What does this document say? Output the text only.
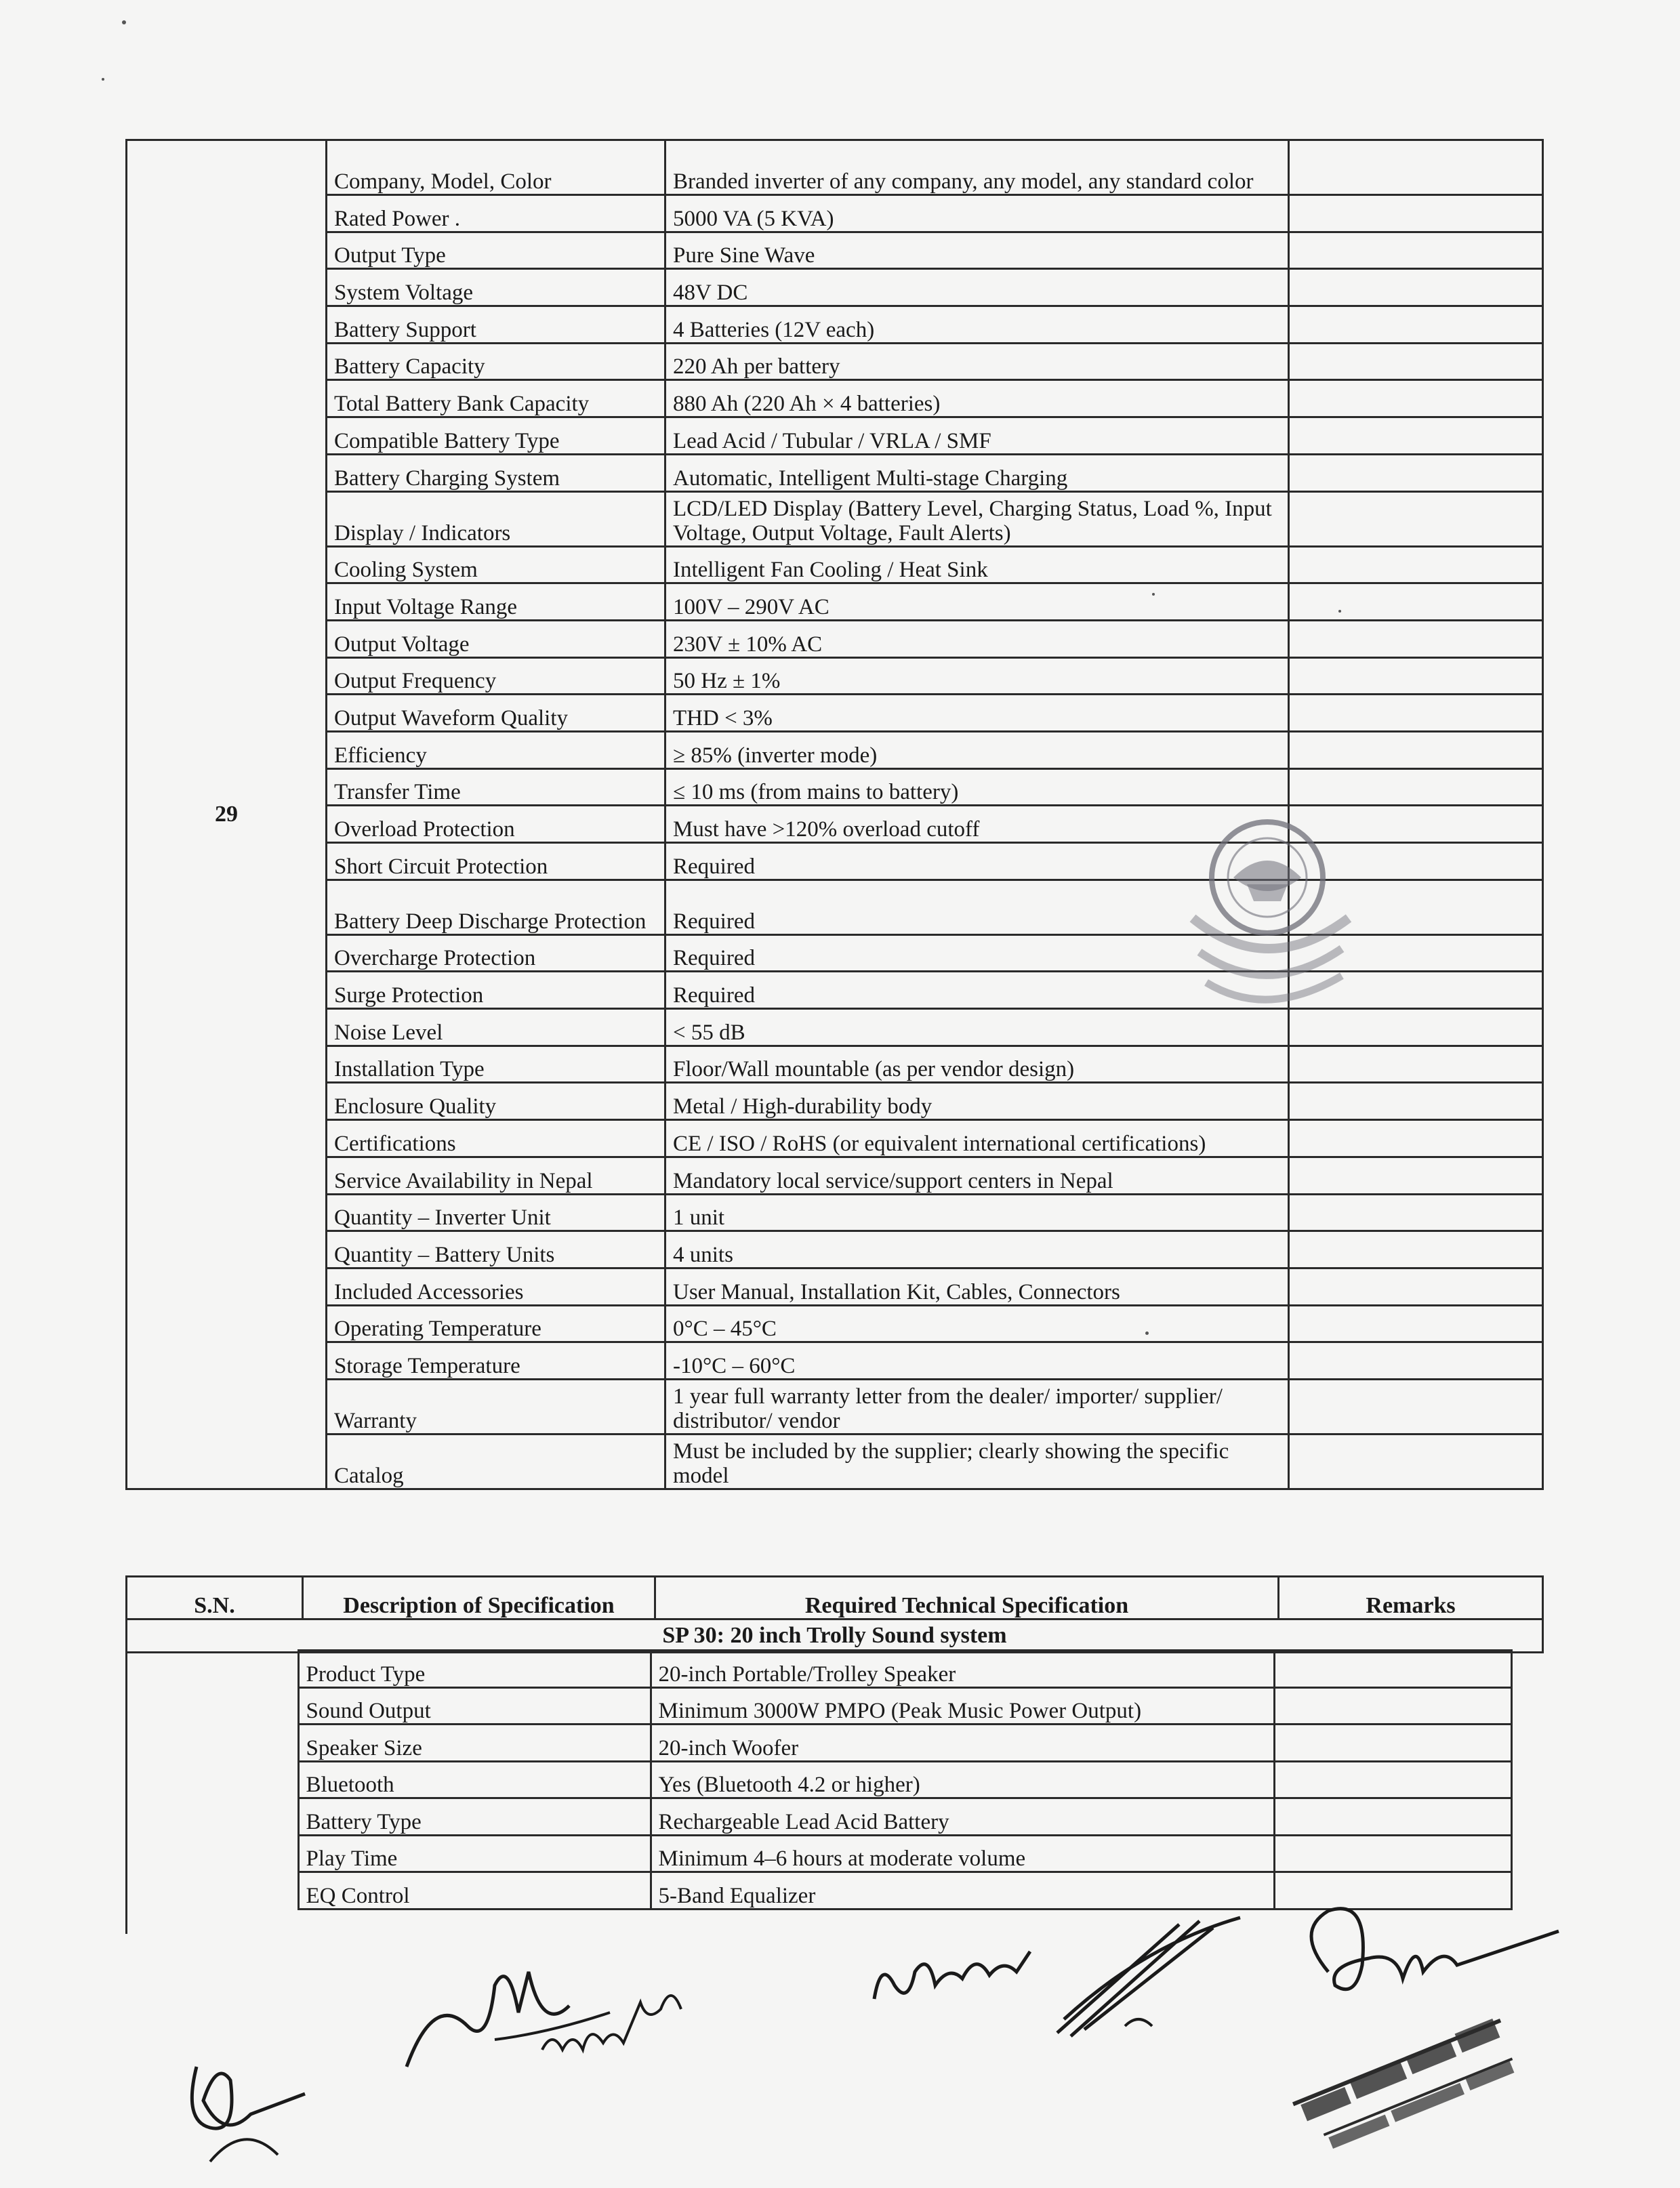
29	Company, Model, Color	Branded inverter of any company, any model, any standard color	
	Rated Power .	5000 VA (5 KVA)	
	Output Type	Pure Sine Wave	
	System Voltage	48V DC	
	Battery Support	4 Batteries (12V each)	
	Battery Capacity	220 Ah per battery	
	Total Battery Bank Capacity	880 Ah (220 Ah × 4 batteries)	
	Compatible Battery Type	Lead Acid / Tubular / VRLA / SMF	
	Battery Charging System	Automatic, Intelligent Multi-stage Charging	
	Display / Indicators	LCD/LED Display (Battery Level, Charging Status, Load %, Input Voltage, Output Voltage, Fault Alerts)	
	Cooling System	Intelligent Fan Cooling / Heat Sink	
	Input Voltage Range	100V – 290V AC	
	Output Voltage	230V ± 10% AC	
	Output Frequency	50 Hz ± 1%	
	Output Waveform Quality	THD < 3%	
	Efficiency	≥ 85% (inverter mode)	
	Transfer Time	≤ 10 ms (from mains to battery)	
	Overload Protection	Must have >120% overload cutoff	
	Short Circuit Protection	Required	
	Battery Deep Discharge Protection	Required	
	Overcharge Protection	Required	
	Surge Protection	Required	
	Noise Level	< 55 dB	
	Installation Type	Floor/Wall mountable (as per vendor design)	
	Enclosure Quality	Metal / High-durability body	
	Certifications	CE / ISO / RoHS (or equivalent international certifications)	
	Service Availability in Nepal	Mandatory local service/support centers in Nepal	
	Quantity – Inverter Unit	1 unit	
	Quantity – Battery Units	4 units	
	Included Accessories	User Manual, Installation Kit, Cables, Connectors	
	Operating Temperature	0°C – 45°C	
	Storage Temperature	-10°C – 60°C	
	Warranty	1 year full warranty letter from the dealer/ importer/ supplier/ distributor/ vendor	
	Catalog	Must be included by the supplier; clearly showing the specific model	
S.N.	Description of Specification	Required Technical Specification	Remarks
SP 30: 20 inch Trolly Sound system
	Product Type	20-inch Portable/Trolley Speaker	
	Sound Output	Minimum 3000W PMPO (Peak Music Power Output)	
	Speaker Size	20-inch Woofer	
	Bluetooth	Yes (Bluetooth 4.2 or higher)	
	Battery Type	Rechargeable Lead Acid Battery	
	Play Time	Minimum 4–6 hours at moderate volume	
	EQ Control	5-Band Equalizer	
